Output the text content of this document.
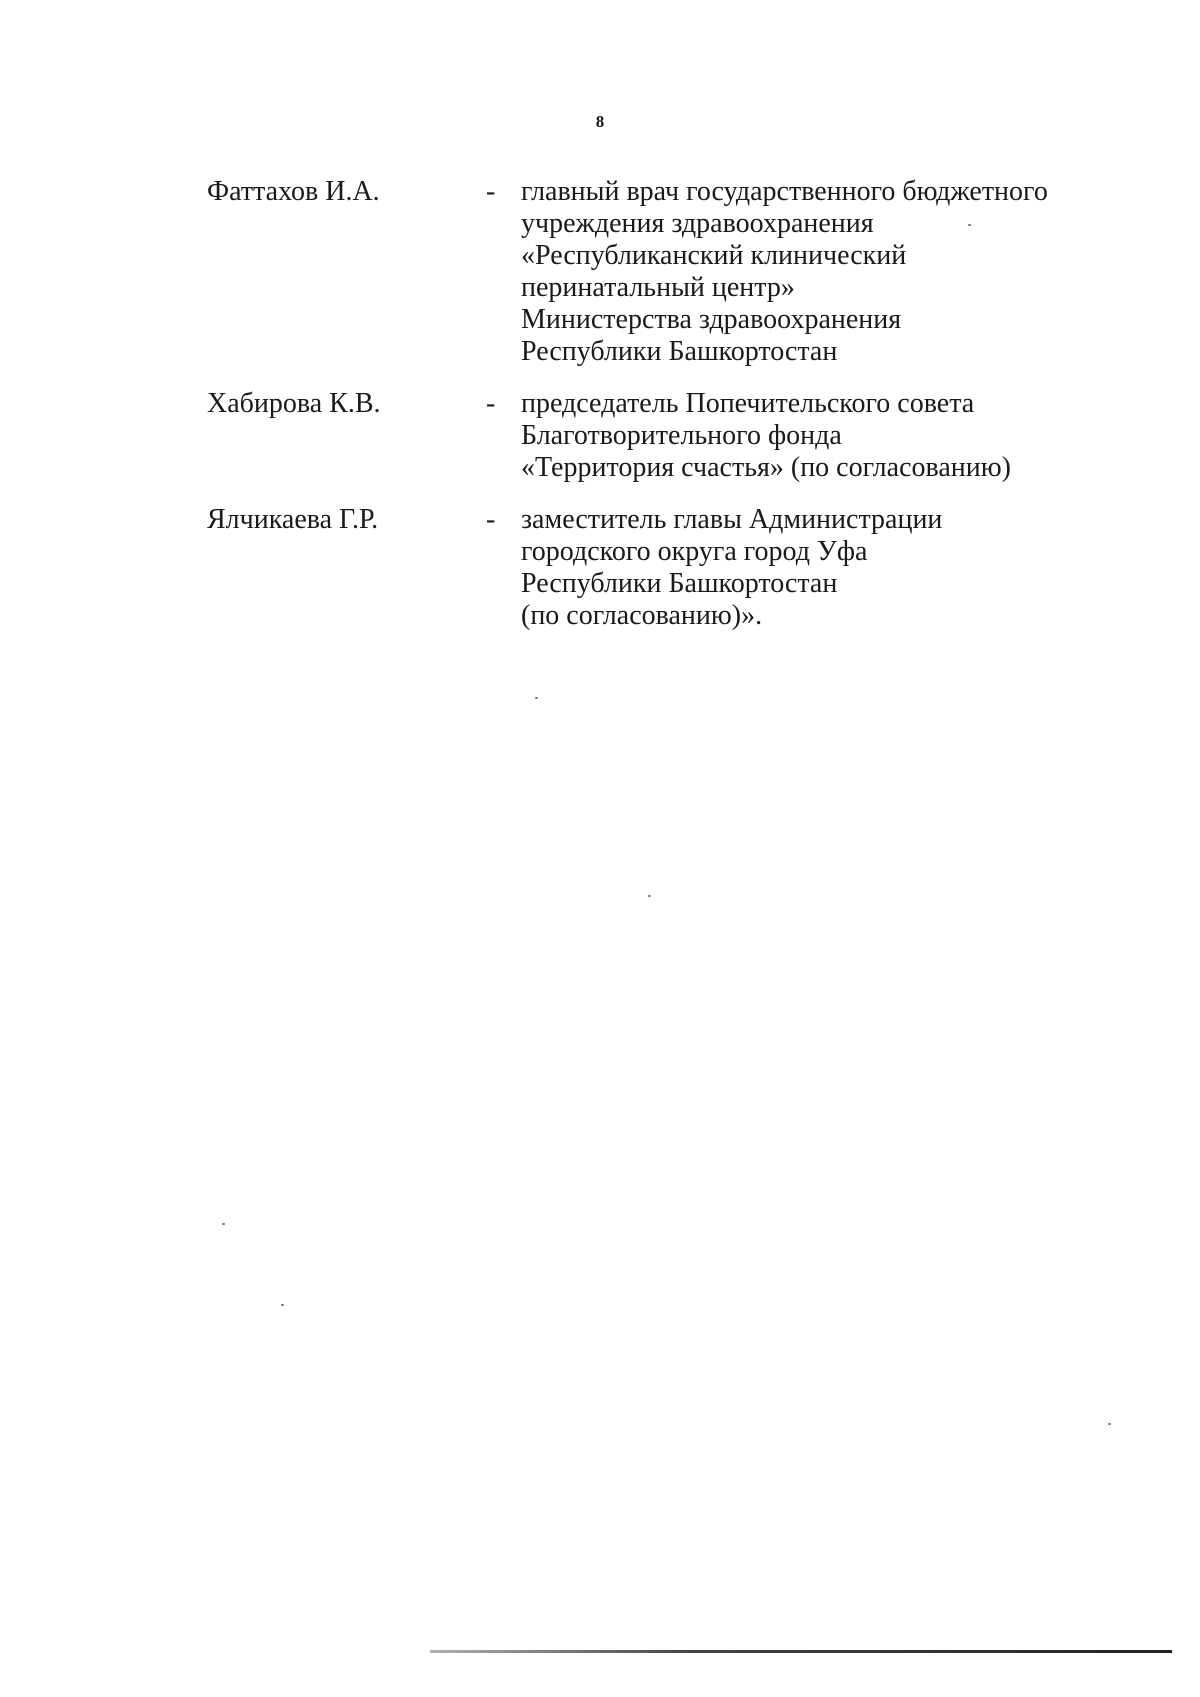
8
Фаттахов И.А.	- главный врач государственного бюджетного
учреждения здравоохранения
«Республиканский клинический
перинатальный центр»
Министерства здравоохранения
Республики Башкортостан
Хабирова К.В.	- председатель Попечительского совета
Благотворительного фонда
«Территория счастья» (по согласованию)
Ялчикаева Г.Р.	- заместитель главы Администрации
городского округа город Уфа
Республики Башкортостан
(по согласованию)».
